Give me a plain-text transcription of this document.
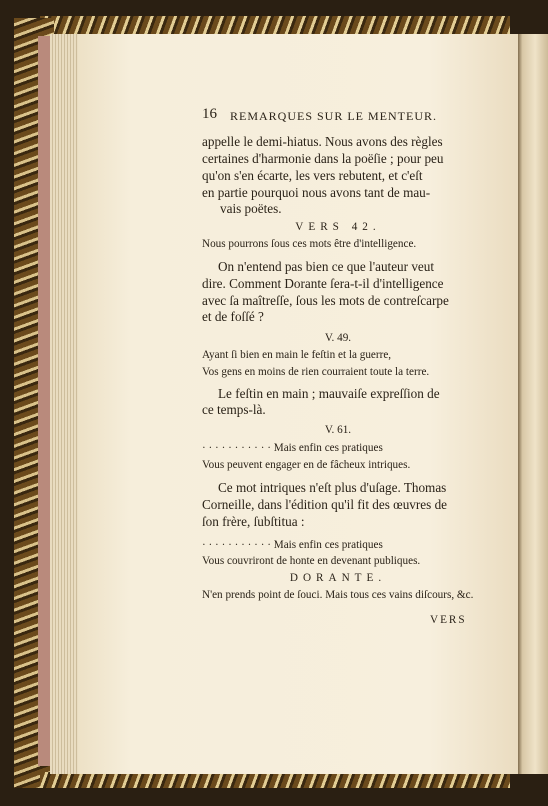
16 REMARQUES SUR LE MENTEUR.
appelle le demi-hiatus. Nous avons des règles
certaines d'harmonie dans la poëſie ; pour peu
qu'on s'en écarte, les vers rebutent, et c'eſt
en partie pourquoi nous avons tant de mau-
vais poëtes.
VERS 42.
Nous pourrons ſous ces mots être d'intelligence.
On n'entend pas bien ce que l'auteur veut
dire. Comment Dorante ſera-t-il d'intelligence
avec ſa maîtreſſe, ſous les mots de contreſcarpe
et de foſſé ?
V. 49.
Ayant ſi bien en main le feſtin et la guerre,
Vos gens en moins de rien courraient toute la terre.
Le feſtin en main ; mauvaiſe expreſſion de
ce temps-là.
V. 61.
· · · · · · · · · · · Mais enfin ces pratiques
Vous peuvent engager en de fâcheux intriques.
Ce mot intriques n'eſt plus d'uſage. Thomas
Corneille, dans l'édition qu'il fit des œuvres de
ſon frère, ſubſtitua :
· · · · · · · · · · · Mais enfin ces pratiques
Vous couvriront de honte en devenant publiques.
DORANTE.
N'en prends point de ſouci. Mais tous ces vains diſcours, &c.
VERS
